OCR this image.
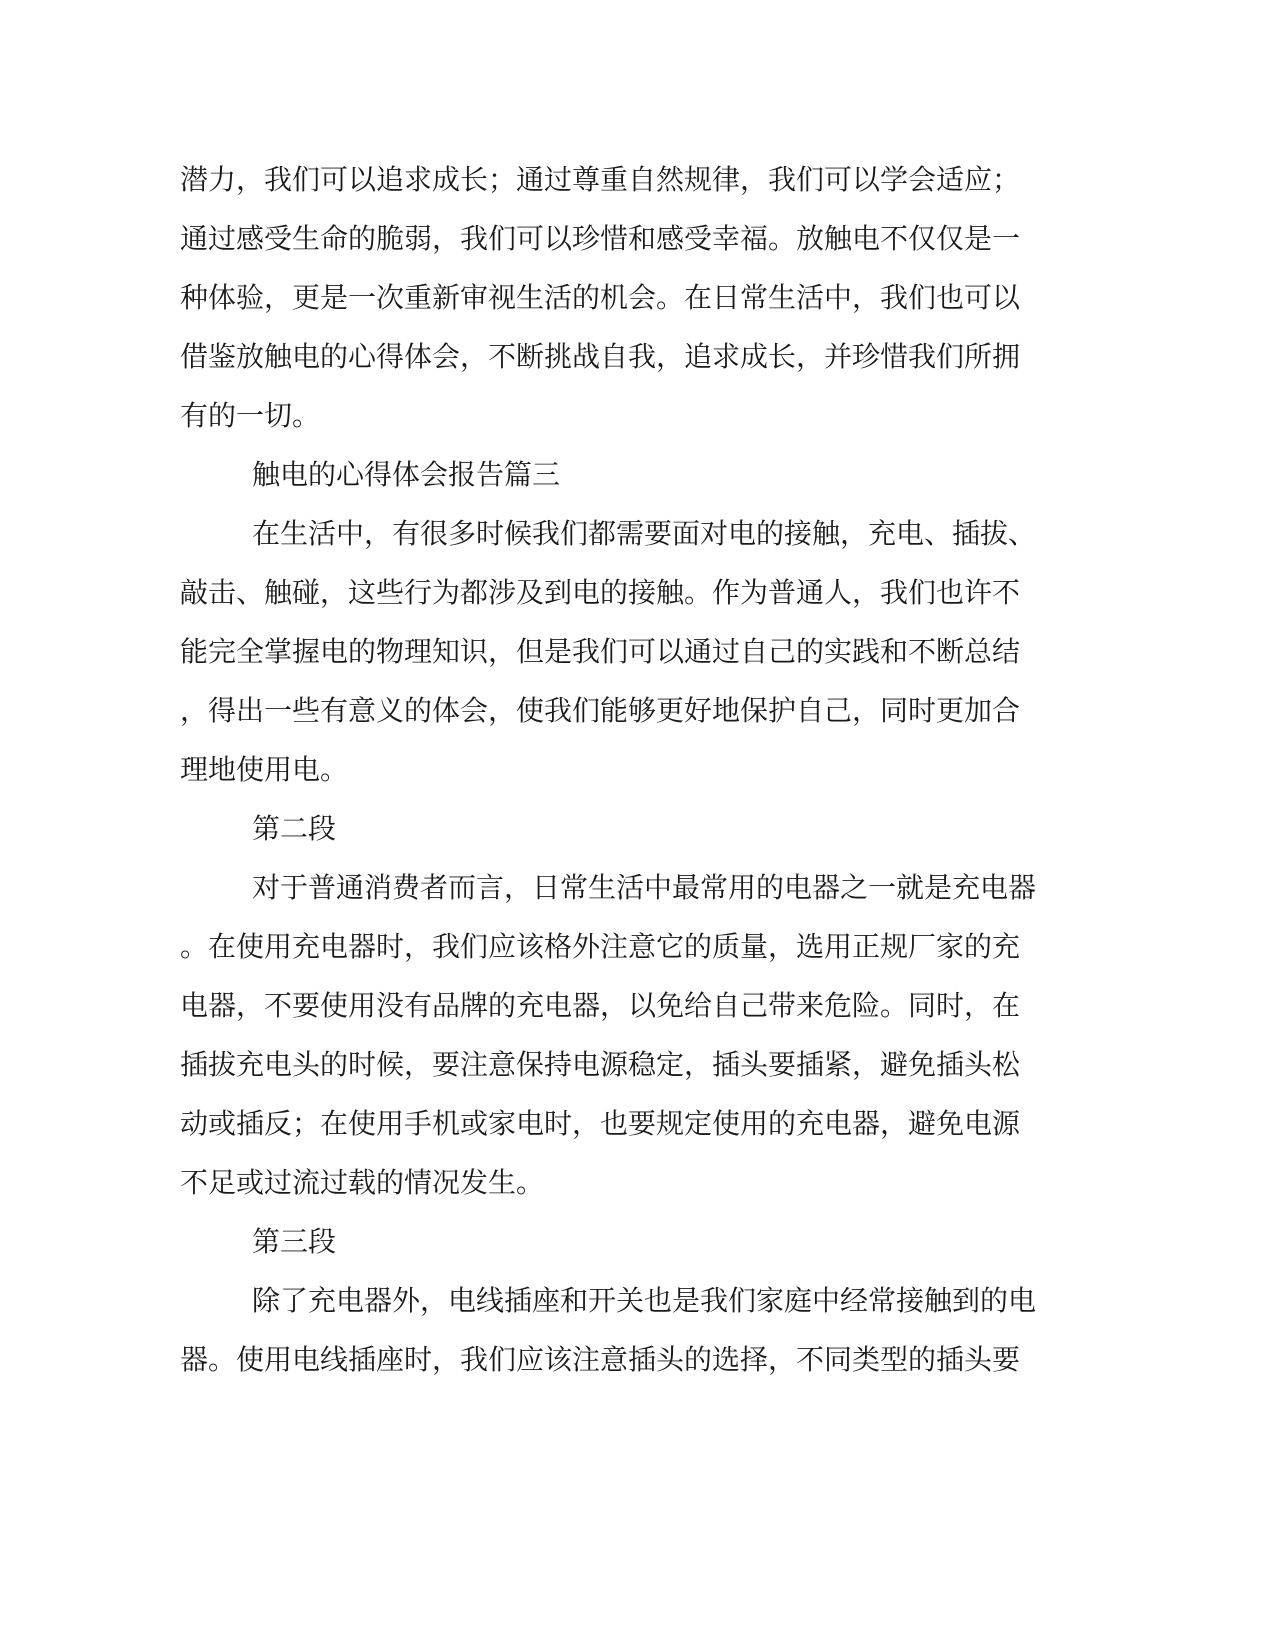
潜力，我们可以追求成长；通过尊重自然规律，我们可以学会适应；
通过感受生命的脆弱，我们可以珍惜和感受幸福。放触电不仅仅是一
种体验，更是一次重新审视生活的机会。在日常生活中，我们也可以
借鉴放触电的心得体会，不断挑战自我，追求成长，并珍惜我们所拥
有的一切。
触电的心得体会报告篇三
在生活中，有很多时候我们都需要面对电的接触，充电、插拔、
敲击、触碰，这些行为都涉及到电的接触。作为普通人，我们也许不
能完全掌握电的物理知识，但是我们可以通过自己的实践和不断总结
，得出一些有意义的体会，使我们能够更好地保护自己，同时更加合
理地使用电。
第二段
对于普通消费者而言，日常生活中最常用的电器之一就是充电器
。在使用充电器时，我们应该格外注意它的质量，选用正规厂家的充
电器，不要使用没有品牌的充电器，以免给自己带来危险。同时，在
插拔充电头的时候，要注意保持电源稳定，插头要插紧，避免插头松
动或插反；在使用手机或家电时，也要规定使用的充电器，避免电源
不足或过流过载的情况发生。
第三段
除了充电器外，电线插座和开关也是我们家庭中经常接触到的电
器。使用电线插座时，我们应该注意插头的选择，不同类型的插头要
